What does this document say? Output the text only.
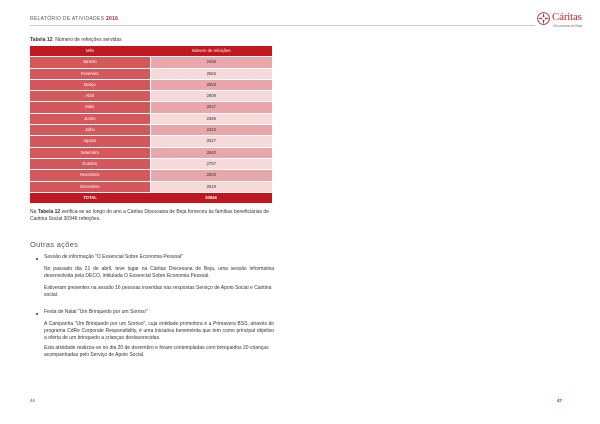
RELATÓRIO DE ATIVIDADES 2016	Cáritas
Diocesana de Beja
Tabela 12: Número de refeições servidas
Mês	Número de refeições
Janeiro	2436
Fevereiro	2563
Março	2825
Abril	2609
Maio	2617
Junho	2369
Julho	2323
Agosto	2527
Setembro	2840
Outubro	2757
Novembro	2820
Dezembro	2519
TOTAL	30946
Na Tabela 12 verifica-se ao longo do ano a Cáritas Diocesana de Beja forneceu às famílias beneficiárias de Cantina Social 30946 refeições.
Outras ações
Sessão de informação "O Essencial Sobre Economia Pessoal"
No passado dia 21 de abril, teve lugar na Cáritas Diocesana de Beja, uma sessão informativa desenvolvida pela DECO, intitulada O Essencial Sobre Economia Pessoal.
Estiveram presentes na sessão 16 pessoas inseridas nas respostas Serviço de Apoio Social e Cantina social.
Festa de Natal "Um Brinquedo por um Sorriso"
A Campanha "Um Brinquedo por um Sorriso", cuja entidade promotora é a Primavera BSS, através do programa CdRe Corporate Responsibility, é uma iniciativa benemérita que tem como principal objetivo a oferta de um brinquedo a crianças desfavorecidas.
Esta atividade realizou-se no dia 20 de dezembro e foram contempladas com brinquedos 20 crianças acompanhadas pelo Serviço de Apoio Social.
46	47
